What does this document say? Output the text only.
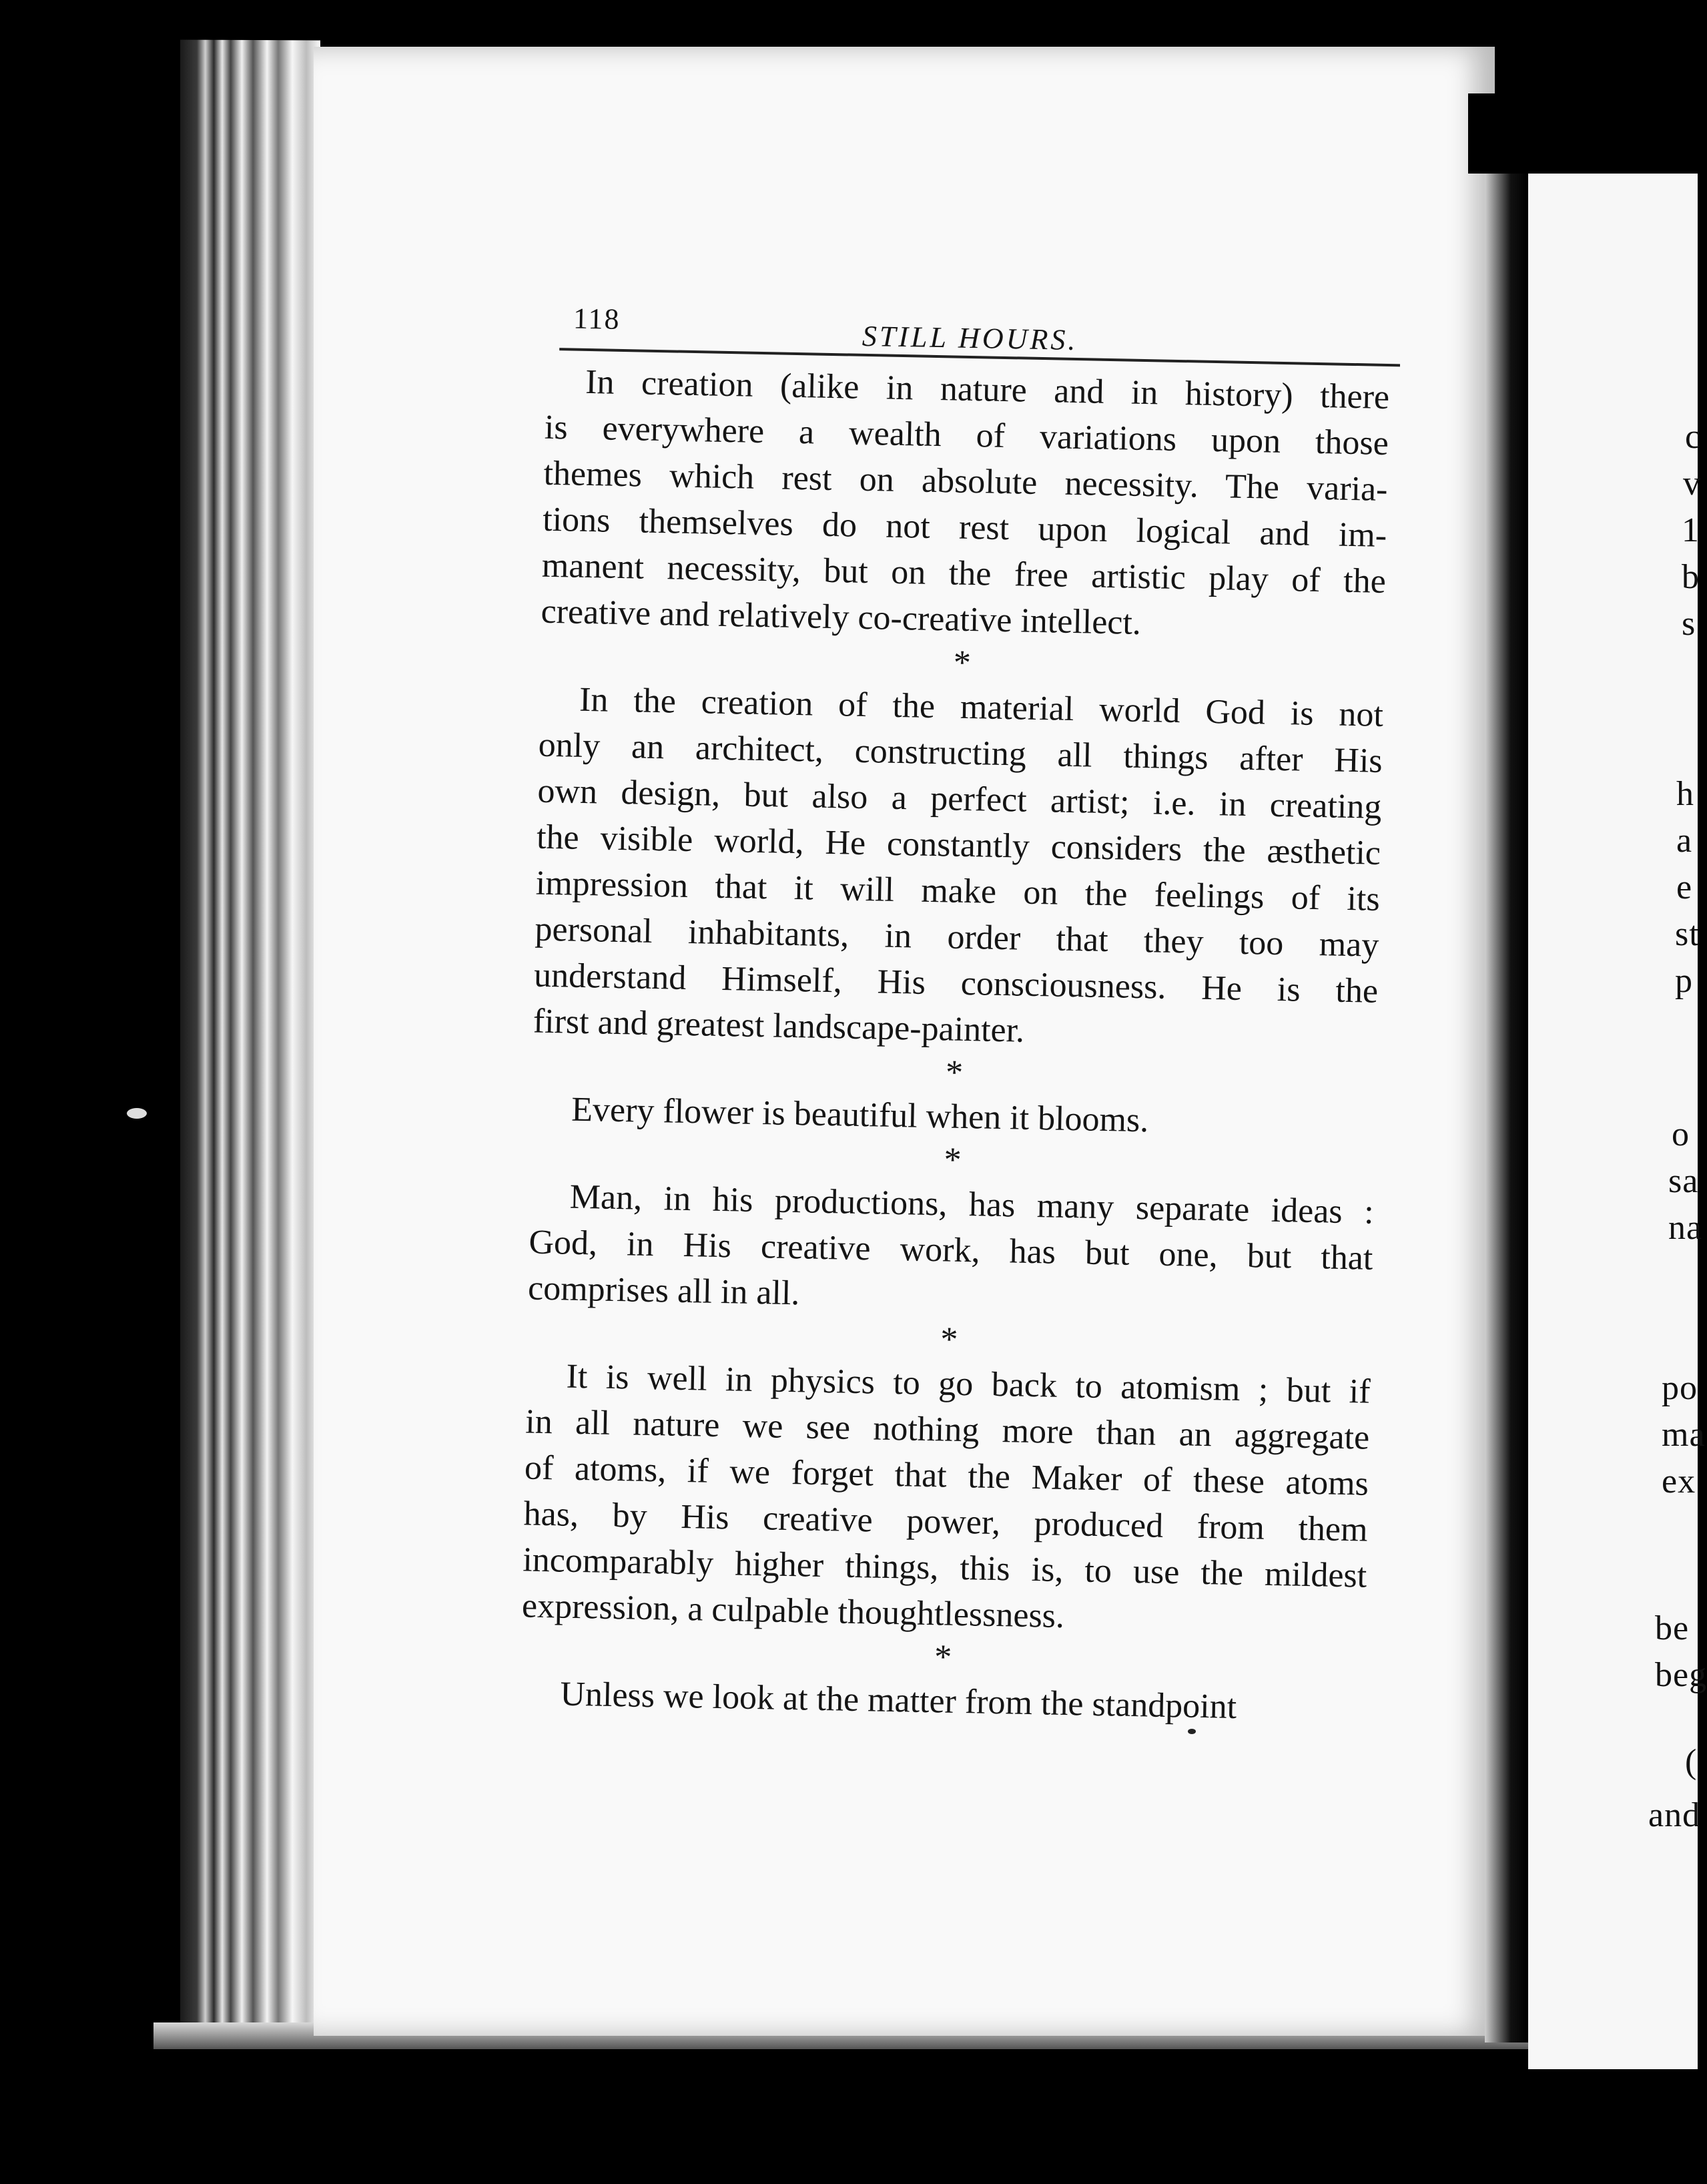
c
v
1
b
s
h
a
e
st
p
o
sa
na
po
ma
ex
be
beg
(
and
118
STILL HOURS.
In creation (alike in nature and in history) there
is everywhere a wealth of variations upon those
themes which rest on absolute necessity. The varia-
tions themselves do not rest upon logical and im-
manent necessity, but on the free artistic play of the
creative and relatively co-creative intellect.
*
In the creation of the material world God is not
only an architect, constructing all things after His
own design, but also a perfect artist; i.e. in creating
the visible world, He constantly considers the æsthetic
impression that it will make on the feelings of its
personal inhabitants, in order that they too may
understand Himself, His consciousness. He is the
first and greatest landscape-painter.
*
Every flower is beautiful when it blooms.
*
Man, in his productions, has many separate ideas :
God, in His creative work, has but one, but that
comprises all in all.
*
It is well in physics to go back to atomism ; but if
in all nature we see nothing more than an aggregate
of atoms, if we forget that the Maker of these atoms
has, by His creative power, produced from them
incomparably higher things, this is, to use the mildest
expression, a culpable thoughtlessness.
*
Unless we look at the matter from the standpoint
